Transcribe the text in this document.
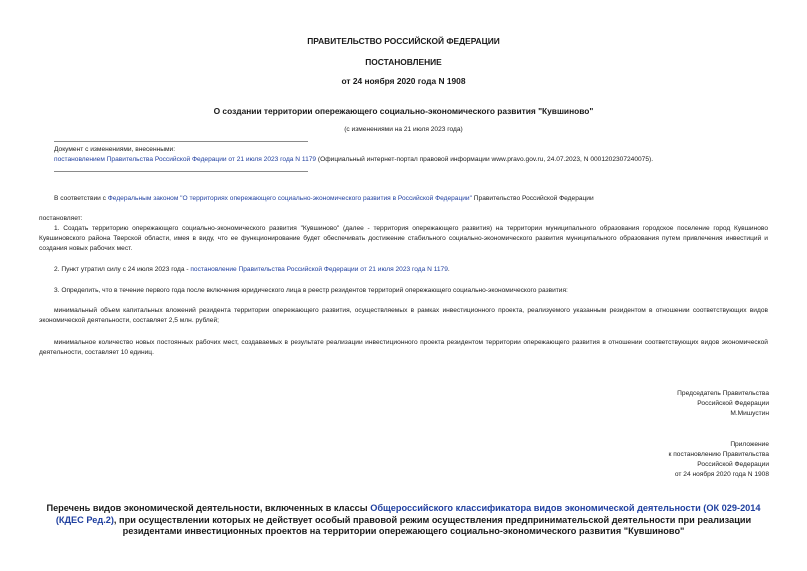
ПРАВИТЕЛЬСТВО РОССИЙСКОЙ ФЕДЕРАЦИИ
ПОСТАНОВЛЕНИЕ
от 24 ноября 2020 года N 1908
О создании территории опережающего социально-экономического развития "Кувшиново"
(с изменениями на 21 июля 2023 года)
Документ с изменениями, внесенными:
постановлением Правительства Российской Федерации от 21 июля 2023 года N 1179 (Официальный интернет-портал правовой информации www.pravo.gov.ru, 24.07.2023, N 0001202307240075).
В соответствии с Федеральным законом "О территориях опережающего социально-экономического развития в Российской Федерации" Правительство Российской Федерации
постановляет:
1. Создать территорию опережающего социально-экономического развития "Кувшиново" (далее - территория опережающего развития) на территории муниципального образования городское поселение город Кувшиново Кувшиновского района Тверской области, имея в виду, что ее функционирование будет обеспечивать достижение стабильного социально-экономического развития муниципального образования путем привлечения инвестиций и создания новых рабочих мест.
2. Пункт утратил силу с 24 июля 2023 года - постановление Правительства Российской Федерации от 21 июля 2023 года N 1179.
3. Определить, что в течение первого года после включения юридического лица в реестр резидентов территорий опережающего социально-экономического развития:
минимальный объем капитальных вложений резидента территории опережающего развития, осуществляемых в рамках инвестиционного проекта, реализуемого указанным резидентом в отношении соответствующих видов экономической деятельности, составляет 2,5 млн. рублей;
минимальное количество новых постоянных рабочих мест, создаваемых в результате реализации инвестиционного проекта резидентом территории опережающего развития в отношении соответствующих видов экономической деятельности, составляет 10 единиц.
Председатель Правительства
Российской Федерации
М.Мишустин
Приложение
к постановлению Правительства
Российской Федерации
от 24 ноября 2020 года N 1908
Перечень видов экономической деятельности, включенных в классы Общероссийского классификатора видов экономической деятельности (ОК 029-2014 (КДЕС Ред.2), при осуществлении которых не действует особый правовой режим осуществления предпринимательской деятельности при реализации резидентами инвестиционных проектов на территории опережающего социально-экономического развития "Кувшиново"
